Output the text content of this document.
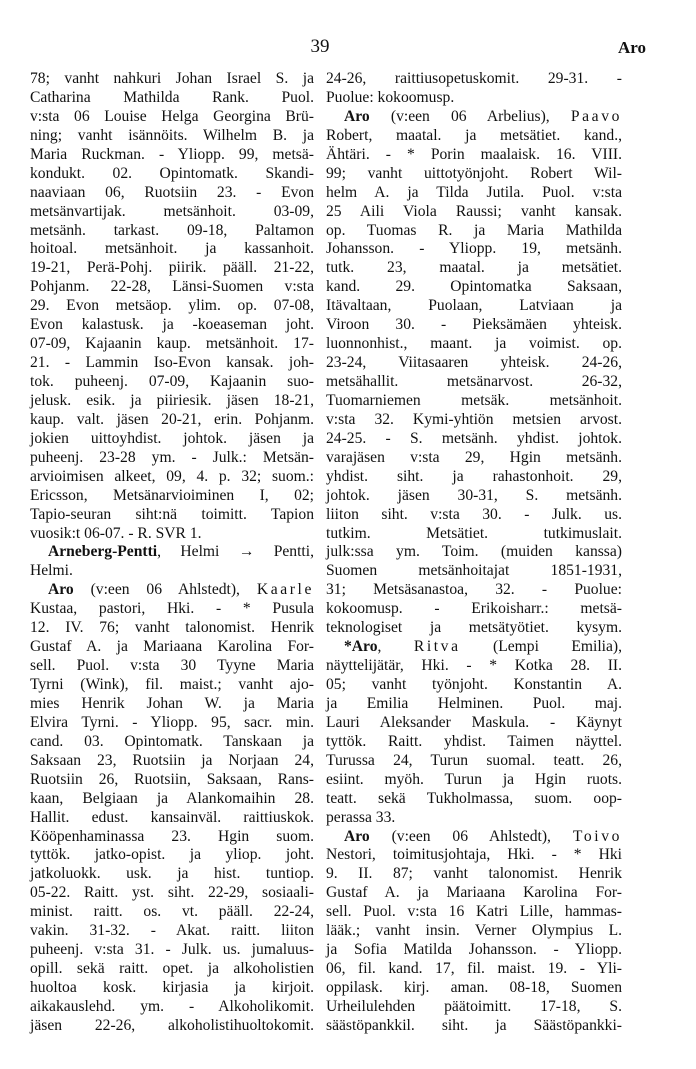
39	Aro
78; vanht nahkuri Johan Israel S. ja
Catharina Mathilda Rank. Puol.
v:sta 06 Louise Helga Georgina Brü-
ning; vanht isännöits. Wilhelm B. ja
Maria Ruckman. - Yliopp. 99, metsä-
kondukt. 02. Opintomatk. Skandi-
naaviaan 06, Ruotsiin 23. - Evon
metsänvartijak. metsänhoit. 03-09,
metsänh. tarkast. 09-18, Paltamon
hoitoal. metsänhoit. ja kassanhoit.
19-21, Perä-Pohj. piirik. pääll. 21-22,
Pohjanm. 22-28, Länsi-Suomen v:sta
29. Evon metsäop. ylim. op. 07-08,
Evon kalastusk. ja -koeaseman joht.
07-09, Kajaanin kaup. metsänhoit. 17-
21. - Lammin Iso-Evon kansak. joh-
tok. puheenj. 07-09, Kajaanin suo-
jelusk. esik. ja piiriesik. jäsen 18-21,
kaup. valt. jäsen 20-21, erin. Pohjanm.
jokien uittoyhdist. johtok. jäsen ja
puheenj. 23-28 ym. - Julk.: Metsän-
arvioimisen alkeet, 09, 4. p. 32; suom.:
Ericsson, Metsänarvioiminen I, 02;
Tapio-seuran siht:nä toimitt. Tapion
vuosik:t 06-07. - R. SVR 1.
Arneberg-Pentti, Helmi → Pentti,
Helmi.
Aro (v:een 06 Ahlstedt), Kaarle
Kustaa, pastori, Hki. - * Pusula
12. IV. 76; vanht talonomist. Henrik
Gustaf A. ja Mariaana Karolina For-
sell. Puol. v:sta 30 Tyyne Maria
Tyrni (Wink), fil. maist.; vanht ajo-
mies Henrik Johan W. ja Maria
Elvira Tyrni. - Yliopp. 95, sacr. min.
cand. 03. Opintomatk. Tanskaan ja
Saksaan 23, Ruotsiin ja Norjaan 24,
Ruotsiin 26, Ruotsiin, Saksaan, Rans-
kaan, Belgiaan ja Alankomaihin 28.
Hallit. edust. kansainväl. raittiuskok.
Kööpenhaminassa 23. Hgin suom.
tyttök. jatko-opist. ja yliop. joht.
jatkoluokk. usk. ja hist. tuntiop.
05-22. Raitt. yst. siht. 22-29, sosiaali-
minist. raitt. os. vt. pääll. 22-24,
vakin. 31-32. - Akat. raitt. liiton
puheenj. v:sta 31. - Julk. us. jumaluus-
opill. sekä raitt. opet. ja alkoholistien
huoltoa kosk. kirjasia ja kirjoit.
aikakauslehd. ym. - Alkoholikomit.
jäsen 22-26, alkoholistihuoltokomit.
24-26, raittiusopetuskomit. 29-31. -
Puolue: kokoomusp.
Aro (v:een 06 Arbelius), Paavo
Robert, maatal. ja metsätiet. kand.,
Ähtäri. - * Porin maalaisk. 16. VIII.
99; vanht uittotyönjoht. Robert Wil-
helm A. ja Tilda Jutila. Puol. v:sta
25 Aili Viola Raussi; vanht kansak.
op. Tuomas R. ja Maria Mathilda
Johansson. - Yliopp. 19, metsänh.
tutk. 23, maatal. ja metsätiet.
kand. 29. Opintomatka Saksaan,
Itävaltaan, Puolaan, Latviaan ja
Viroon 30. - Pieksämäen yhteisk.
luonnonhist., maant. ja voimist. op.
23-24, Viitasaaren yhteisk. 24-26,
metsähallit. metsänarvost. 26-32,
Tuomarniemen metsäk. metsänhoit.
v:sta 32. Kymi-yhtiön metsien arvost.
24-25. - S. metsänh. yhdist. johtok.
varajäsen v:sta 29, Hgin metsänh.
yhdist. siht. ja rahastonhoit. 29,
johtok. jäsen 30-31, S. metsänh.
liiton siht. v:sta 30. - Julk. us.
tutkim. Metsätiet. tutkimuslait.
julk:ssa ym. Toim. (muiden kanssa)
Suomen metsänhoitajat 1851-1931,
31; Metsäsanastoa, 32. - Puolue:
kokoomusp. - Erikoisharr.: metsä-
teknologiset ja metsätyötiet. kysym.
*Aro, Ritva (Lempi Emilia),
näyttelijätär, Hki. - * Kotka 28. II.
05; vanht työnjoht. Konstantin A.
ja Emilia Helminen. Puol. maj.
Lauri Aleksander Maskula. - Käynyt
tyttök. Raitt. yhdist. Taimen näyttel.
Turussa 24, Turun suomal. teatt. 26,
esiint. myöh. Turun ja Hgin ruots.
teatt. sekä Tukholmassa, suom. oop-
perassa 33.
Aro (v:een 06 Ahlstedt), Toivo
Nestori, toimitusjohtaja, Hki. - * Hki
9. II. 87; vanht talonomist. Henrik
Gustaf A. ja Mariaana Karolina For-
sell. Puol. v:sta 16 Katri Lille, hammas-
lääk.; vanht insin. Verner Olympius L.
ja Sofia Matilda Johansson. - Yliopp.
06, fil. kand. 17, fil. maist. 19. - Yli-
oppilask. kirj. aman. 08-18, Suomen
Urheilulehden päätoimitt. 17-18, S.
säästöpankkil. siht. ja Säästöpankki-
